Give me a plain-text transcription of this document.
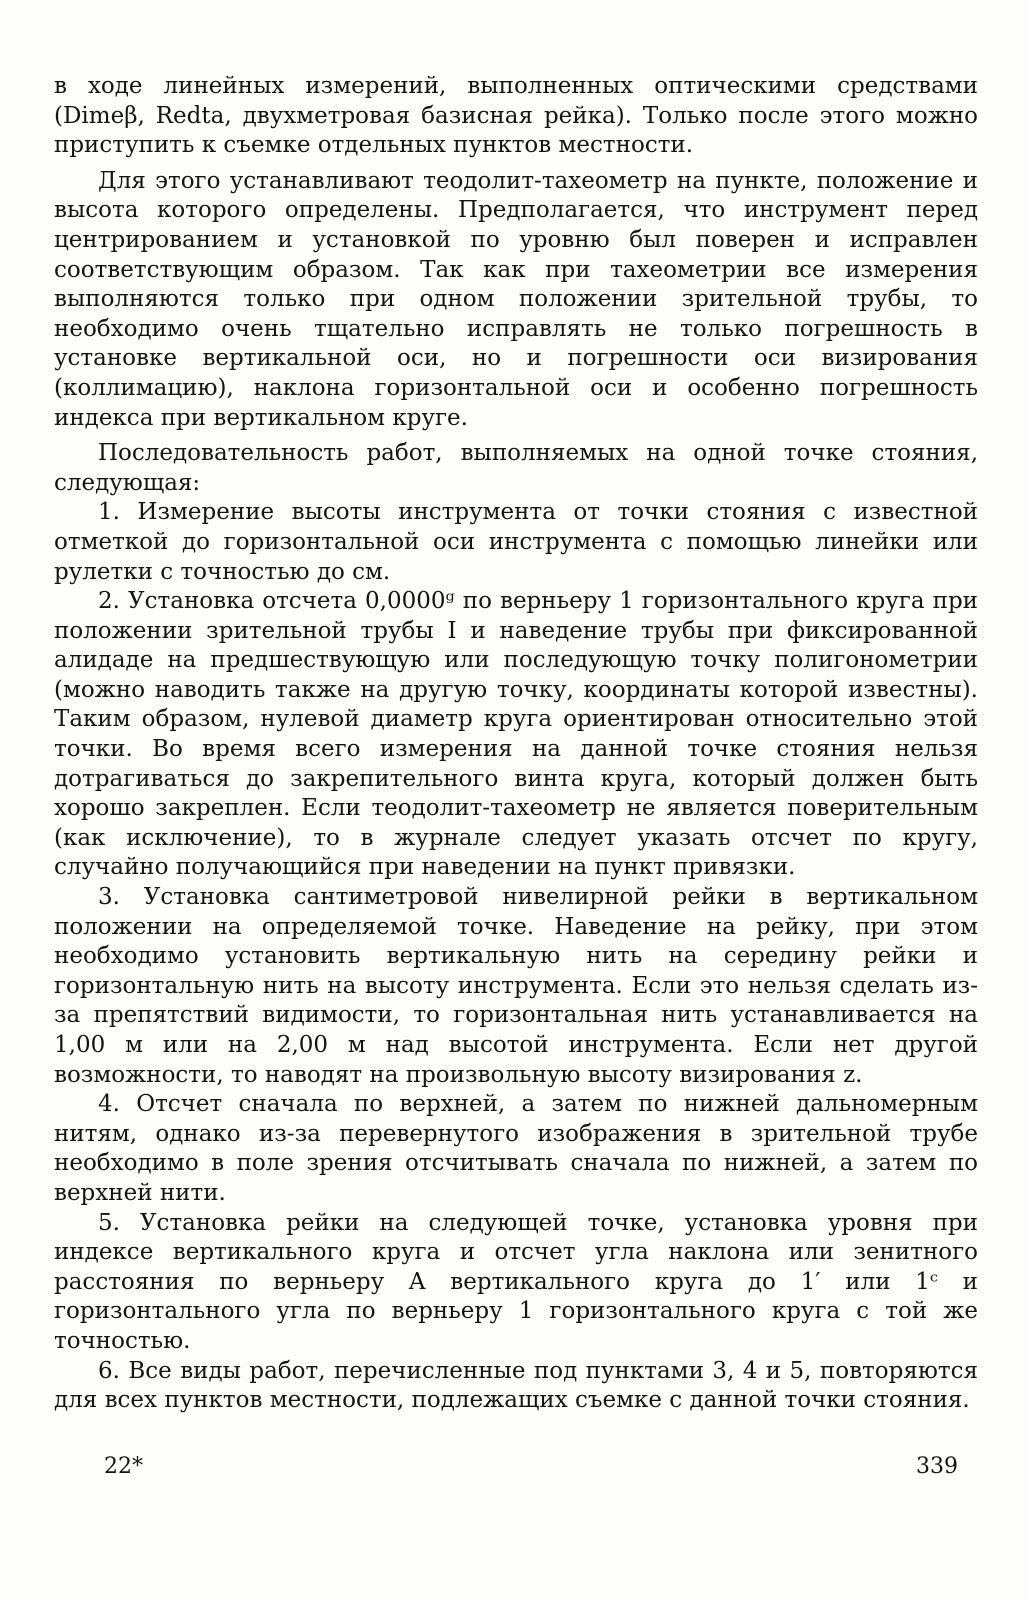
в ходе линейных измерений, выполненных оптическими средствами (Dimeβ, Redta, двухметровая базисная рейка). Только после этого можно приступить к съемке отдельных пунктов местности.

Для этого устанавливают теодолит-тахеометр на пункте, положение и высота которого определены. Предполагается, что инструмент перед центрированием и установкой по уровню был поверен и исправлен соответствующим образом. Так как при тахеометрии все измерения выполняются только при одном положении зрительной трубы, то необходимо очень тщательно исправлять не только погрешность в установке вертикальной оси, но и погрешности оси визирования (коллимацию), наклона горизонтальной оси и особенно погрешность индекса при вертикальном круге.

Последовательность работ, выполняемых на одной точке стояния, следующая:

1. Измерение высоты инструмента от точки стояния с известной отметкой до горизонтальной оси инструмента с помощью линейки или рулетки с точностью до см.

2. Установка отсчета 0,0000ᵍ по верньеру 1 горизонтального круга при положении зрительной трубы I и наведение трубы при фиксированной алидаде на предшествующую или последующую точку полигонометрии (можно наводить также на другую точку, координаты которой известны). Таким образом, нулевой диаметр круга ориентирован относительно этой точки. Во время всего измерения на данной точке стояния нельзя дотрагиваться до закрепительного винта круга, который должен быть хорошо закреплен. Если теодолит-тахеометр не является поверительным (как исключение), то в журнале следует указать отсчет по кругу, случайно получающийся при наведении на пункт привязки.

3. Установка сантиметровой нивелирной рейки в вертикальном положении на определяемой точке. Наведение на рейку, при этом необходимо установить вертикальную нить на середину рейки и горизонтальную нить на высоту инструмента. Если это нельзя сделать из-за препятствий видимости, то горизонтальная нить устанавливается на 1,00 м или на 2,00 м над высотой инструмента. Если нет другой возможности, то наводят на произвольную высоту визирования z.

4. Отсчет сначала по верхней, а затем по нижней дальномерным нитям, однако из-за перевернутого изображения в зрительной трубе необходимо в поле зрения отсчитывать сначала по нижней, а затем по верхней нити.

5. Установка рейки на следующей точке, установка уровня при индексе вертикального круга и отсчет угла наклона или зенитного расстояния по верньеру A вертикального круга до 1′ или 1ᶜ и горизонтального угла по верньеру 1 горизонтального круга с той же точностью.

6. Все виды работ, перечисленные под пунктами 3, 4 и 5, повторяются для всех пунктов местности, подлежащих съемке с данной точки стояния.

22*	339
